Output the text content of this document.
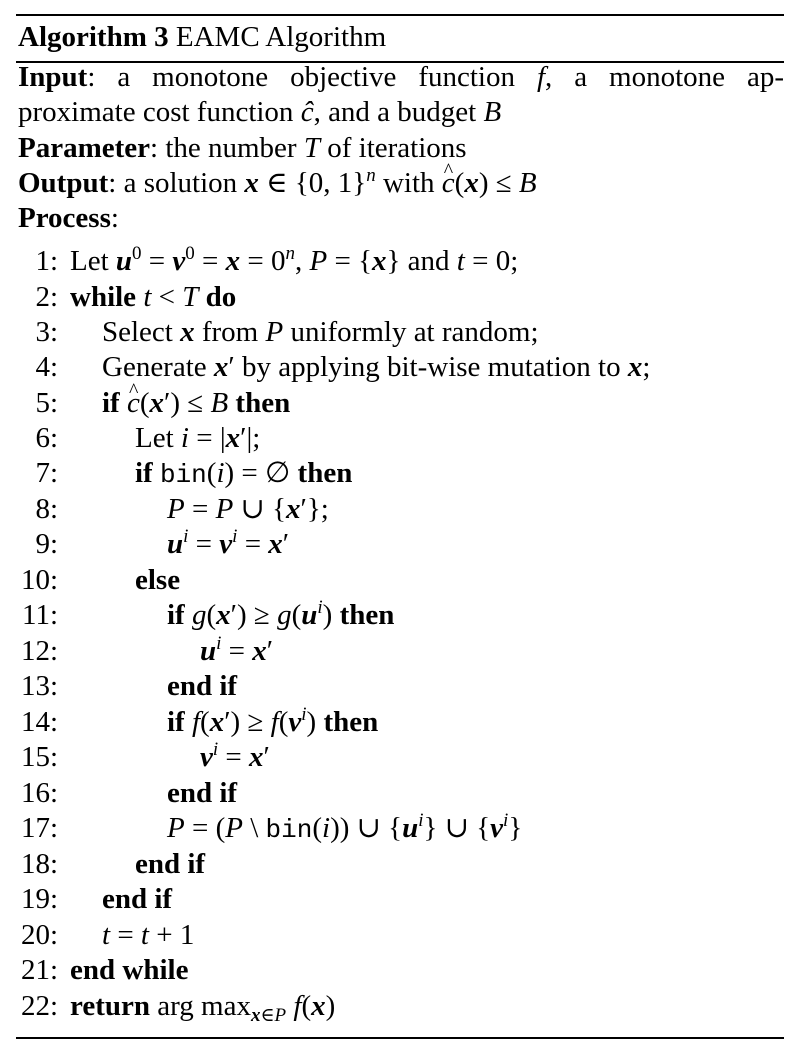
Algorithm 3 EAMC Algorithm
Input: a monotone objective function f, a monotone ap-
proximate cost function ĉ, and a budget B
Parameter: the number T of iterations
Output: a solution x ∈ {0, 1}$^n$ with ^ c(x) ≤ B
Process:
1: Let $u^0 = v^0 = x = 0^n$, P = {x} and t = 0;
2: while t < T do
3: Select x from P uniformly at random;
4: Generate x′ by applying bit-wise mutation to x;
5: if ^ c(x′) ≤ B then
6:	Let i = |x′|;
7:	if bin(i) = ∅ then
8:	P = P ∪ {x′};
9:	$u^i = v^i = x'$
10:	else
11:	if $g(x') \ge g(u^i)$ then
12:	$u^i = x'$
13:	end if
14:	if $f(x') \ge f(v^i)$ then
15:	$v^i = x'$
16:	end if
17:	P = (P \ bin(i)) ∪ $\{u^i\}$ ∪ $\{v^i\}$
18:	end if
19: end if
20: t = t + 1
21: end while
22: return arg $\max_{x\in P} f(x)$
